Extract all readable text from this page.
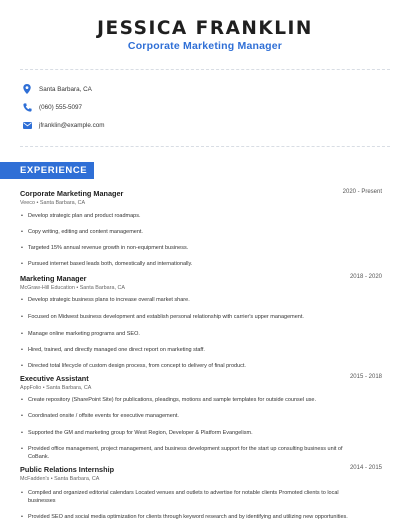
JESSICA FRANKLIN
Corporate Marketing Manager
Santa Barbara, CA
(060) 555-5097
jfranklin@example.com
EXPERIENCE
Corporate Marketing Manager	2020 - Present
Veeco • Santa Barbara, CA
• Develop strategic plan and product roadmaps.
• Copy writing, editing and content management.
• Targeted 15% annual revenue growth in non-equipment business.
• Pursued internet based leads both, domestically and internationally.
Marketing Manager	2018 - 2020
McGraw-Hill Education • Santa Barbara, CA
• Develop strategic business plans to increase overall market share.
• Focused on Midwest business development and establish personal relationship with carrier's upper management.
• Manage online marketing programs and SEO.
• Hired, trained, and directly managed one direct report on marketing staff.
• Directed total lifecycle of custom design process, from concept to delivery of final product.
Executive Assistant	2015 - 2018
AppFolio • Santa Barbara, CA
• Create repository (SharePoint Site) for publications, pleadings, motions and sample templates for outside counsel use.
• Coordinated onsite / offsite events for executive management.
• Supported the GM and marketing group for West Region, Developer & Platform Evangelism.
• Provided office management, project management, and business development support for the start up consulting business unit of
CoBank.
Public Relations Internship	2014 - 2015
McFadden's • Santa Barbara, CA
• Compiled and organized editorial calendars Located venues and outlets to advertise for notable clients Promoted clients to local
businesses
• Provided SEO and social media optimization for clients through keyword research and by identifying and utilizing new opportunities.
